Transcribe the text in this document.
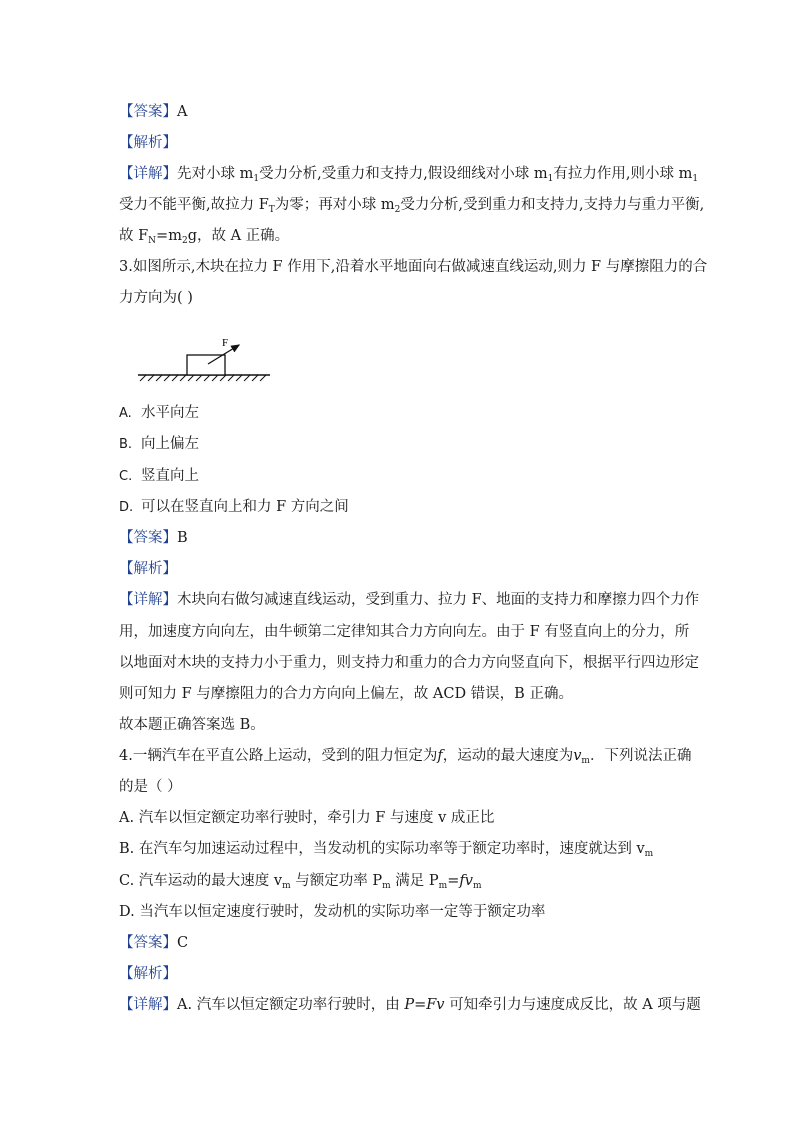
【答案】A
【解析】
【详解】先对小球 $m_1$受力分析,受重力和支持力,假设细线对小球 $m_1$有拉力作用,则小球 $m_1$
受力不能平衡,故拉力 $F_T$为零；再对小球 $m_2$受力分析,受到重力和支持力,支持力与重力平衡,
故 $F_N=m_2g$，故 A 正确。
3.如图所示,木块在拉力 F 作用下,沿着水平地面向右做减速直线运动,则力 F 与摩擦阻力的合
力方向为( )
F
A. 水平向左
B. 向上偏左
C. 竖直向上
D. 可以在竖直向上和力 F 方向之间
【答案】B
【解析】
【详解】木块向右做匀减速直线运动，受到重力、拉力 F、地面的支持力和摩擦力四个力作
用，加速度方向向左，由牛顿第二定律知其合力方向向左。由于 F 有竖直向上的分力，所
以地面对木块的支持力小于重力，则支持力和重力的合力方向竖直向下，根据平行四边形定
则可知力 F 与摩擦阻力的合力方向向上偏左，故 ACD 错误，B 正确。
故本题正确答案选 B。
4.一辆汽车在平直公路上运动，受到的阻力恒定为f，运动的最大速度为$v_m$．下列说法正确
的是（ ）
A. 汽车以恒定额定功率行驶时，牵引力 F 与速度 v 成正比
B. 在汽车匀加速运动过程中，当发动机的实际功率等于额定功率时，速度就达到 $v_m$
C. 汽车运动的最大速度 $v_m$ 与额定功率 $P_m$ 满足 $P_m=fv_m$
D. 当汽车以恒定速度行驶时，发动机的实际功率一定等于额定功率
【答案】C
【解析】
【详解】A. 汽车以恒定额定功率行驶时，由 P=Fv 可知牵引力与速度成反比，故 A 项与题
